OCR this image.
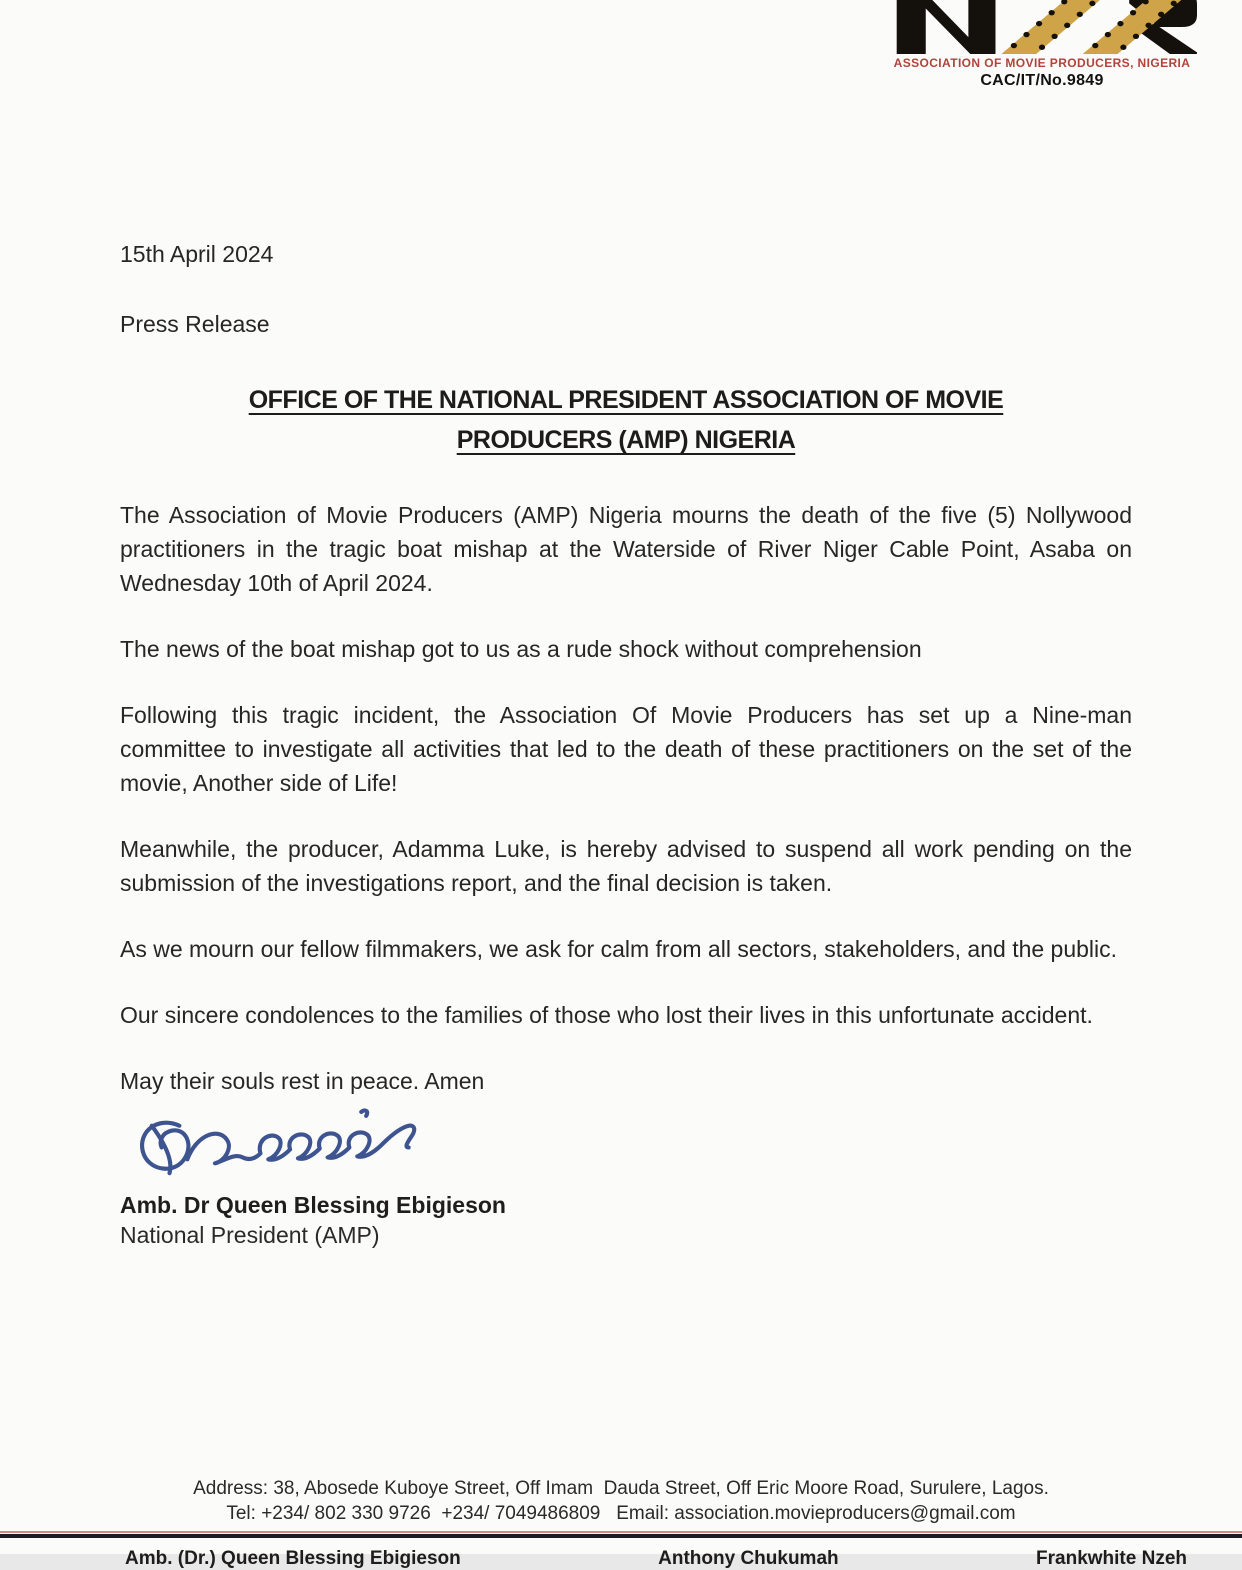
ASSOCIATION OF MOVIE PRODUCERS, NIGERIA
CAC/IT/No.9849

15th April 2024

Press Release

OFFICE OF THE NATIONAL PRESIDENT ASSOCIATION OF MOVIE PRODUCERS (AMP) NIGERIA

The Association of Movie Producers (AMP) Nigeria mourns the death of the five (5) Nollywood practitioners in the tragic boat mishap at the Waterside of River Niger Cable Point, Asaba on Wednesday 10th of April 2024.

The news of the boat mishap got to us as a rude shock without comprehension

Following this tragic incident, the Association Of Movie Producers has set up a Nine-man committee to investigate all activities that led to the death of these practitioners on the set of the movie, Another side of Life!

Meanwhile, the producer, Adamma Luke, is hereby advised to suspend all work pending on the submission of the investigations report, and the final decision is taken.

As we mourn our fellow filmmakers, we ask for calm from all sectors, stakeholders, and the public.

Our sincere condolences to the families of those who lost their lives in this unfortunate accident.

May their souls rest in peace. Amen

Amb. Dr Queen Blessing Ebigieson
National President (AMP)
Address: 38, Abosede Kuboye Street, Off Imam  Dauda Street, Off Eric Moore Road, Surulere, Lagos.
Tel: +234/ 802 330 9726  +234/ 7049486809   Email: association.movieproducers@gmail.com
Amb. (Dr.) Queen Blessing Ebigieson	Anthony Chukumah	Frankwhite Nzeh
